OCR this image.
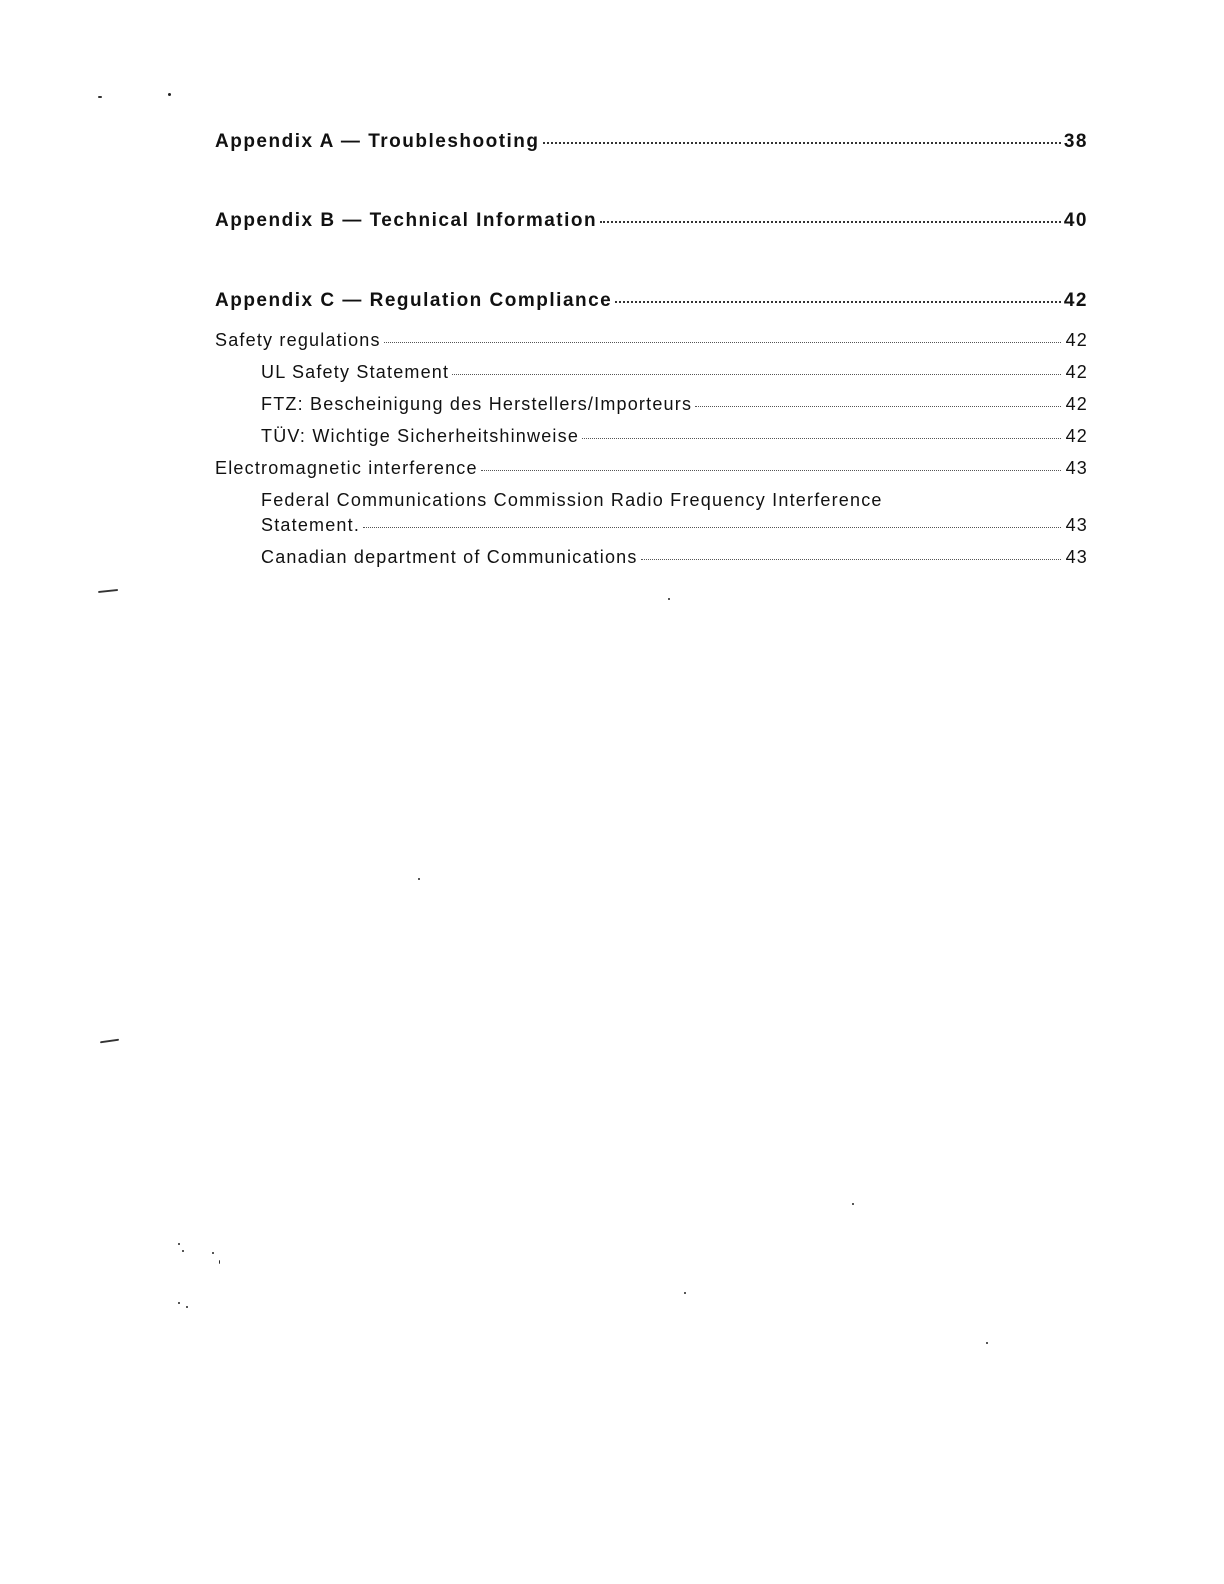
Appendix A — Troubleshooting	38
Appendix B — Technical Information	40
Appendix C — Regulation Compliance	42
Safety regulations	42
UL Safety Statement	42
FTZ: Bescheinigung des Herstellers/Importeurs	42
TÜV: Wichtige Sicherheitshinweise	42
Electromagnetic interference	43
Federal Communications Commission Radio Frequency Interference
Statement.	43
Canadian department of Communications	43
